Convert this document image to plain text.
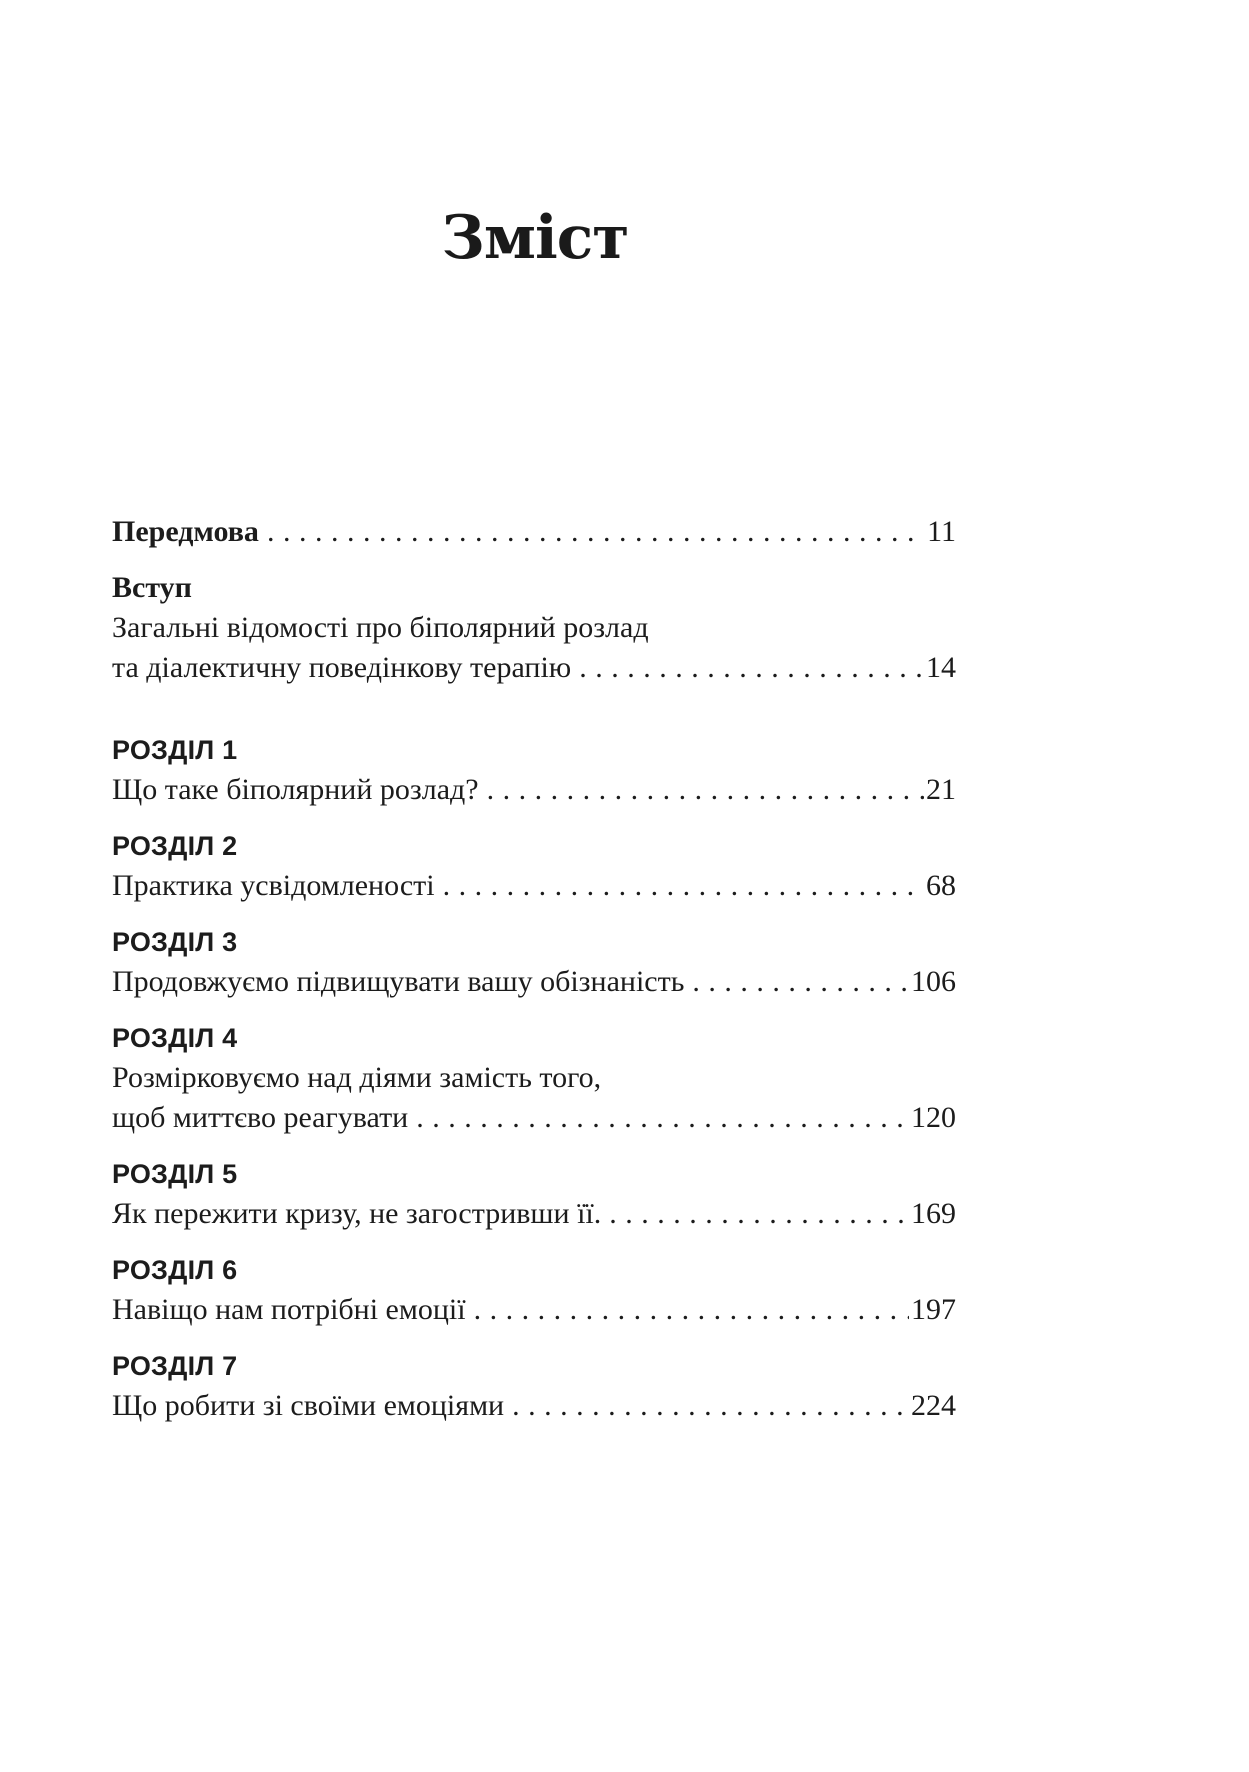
Зміст
Передмова . . .	11
Вступ
Загальні відомості про біполярний розлад
та діалектичну поведінкову терапію . . .	14
РОЗДІЛ 1
Що таке біполярний розлад? . . .	21
РОЗДІЛ 2
Практика усвідомленості . . .	68
РОЗДІЛ 3
Продовжуємо підвищувати вашу обізнаність . . .	106
РОЗДІЛ 4
Розмірковуємо над діями замість того,
щоб миттєво реагувати . . .	120
РОЗДІЛ 5
Як пережити кризу, не загостривши її. . . .	169
РОЗДІЛ 6
Навіщо нам потрібні емоції . . .	197
РОЗДІЛ 7
Що робити зі своїми емоціями . . .	224
